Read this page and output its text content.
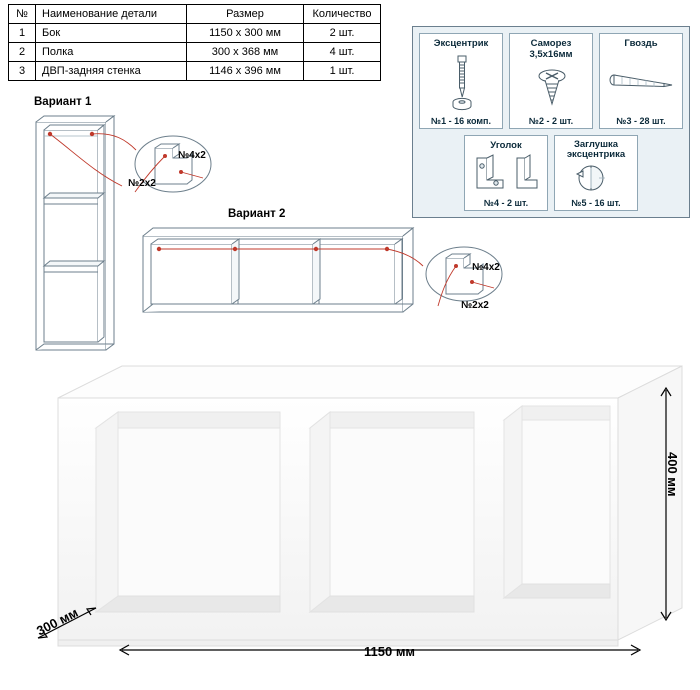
№	Наименование детали	Размер	Количество
1	Бок	1150 x 300 мм	2 шт.
2	Полка	300 x 368 мм	4 шт.
3	ДВП-задняя стенка	1146 x 396 мм	1 шт.
Эксцентрик
№1 - 16 комп.
Саморез
3,5x16мм
№2 - 2 шт.
Гвоздь
№3 - 28 шт.
Уголок
№4 - 2 шт.
Заглушка
эксцентрика
№5 - 16 шт.
Вариант 1
№4x2
№2x2
Вариант 2
№4x2
№2x2
400 мм
1150 мм
300 мм
